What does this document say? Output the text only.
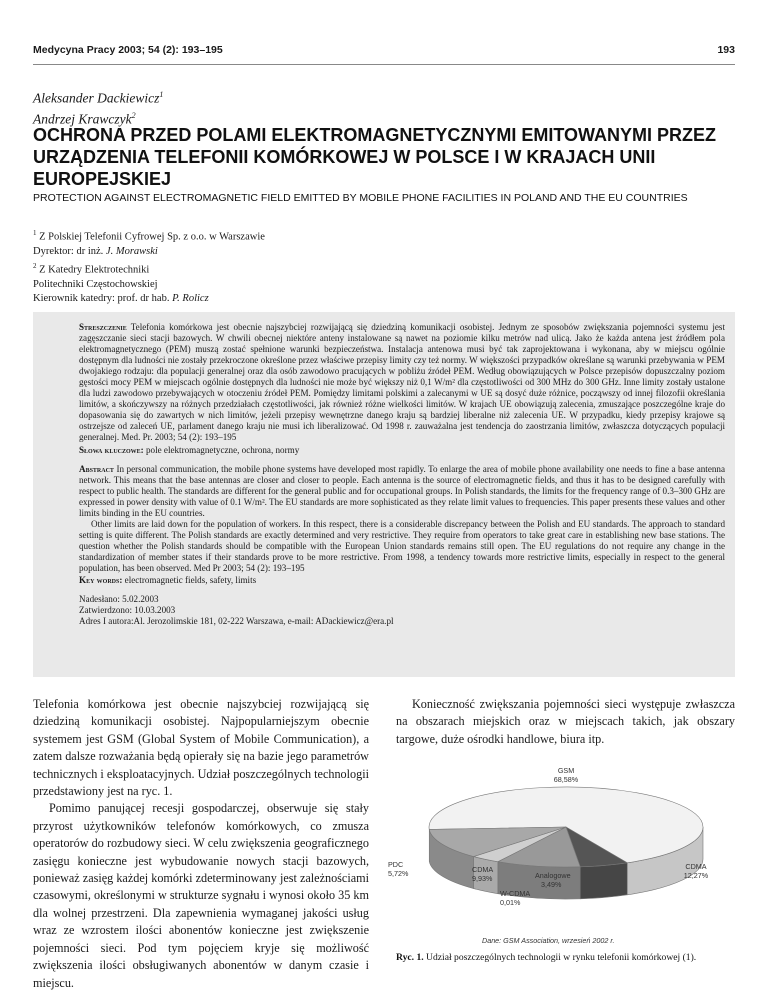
Medycyna Pracy 2003; 54 (2): 193–195	193
Aleksander Dackiewicz$^1$
Andrzej Krawczyk$^2$
OCHRONA PRZED POLAMI ELEKTROMAGNETYCZNYMI EMITOWANYMI PRZEZ URZĄDZENIA TELEFONII KOMÓRKOWEJ W POLSCE I W KRAJACH UNII EUROPEJSKIEJ
PROTECTION AGAINST ELECTROMAGNETIC FIELD EMITTED BY MOBILE PHONE FACILITIES IN POLAND AND THE EU COUNTRIES
$^1$ Z Polskiej Telefonii Cyfrowej Sp. z o.o. w Warszawie
Dyrektor: dr inż. J. Morawski
$^2$ Z Katedry Elektrotechniki
Politechniki Częstochowskiej
Kierownik katedry: prof. dr hab. P. Rolicz
Streszczenie Telefonia komórkowa jest obecnie najszybciej rozwijającą się dziedziną komunikacji osobistej. Jednym ze sposobów zwiększania pojemności systemu jest zagęszczanie sieci stacji bazowych. W chwili obecnej niektóre anteny instalowane są nawet na poziomie kilku metrów nad ulicą. Jako że każda antena jest źródłem pola elektromagnetycznego (PEM) muszą zostać spełnione warunki bezpieczeństwa. Instalacja antenowa musi być tak zaprojektowana i wykonana, aby w miejscu ogólnie dostępnym dla ludności nie zostały przekroczone określone przez właściwe przepisy limity czy też normy. W większości przypadków określane są warunki przebywania w PEM dwojakiego rodzaju: dla populacji generalnej oraz dla osób zawodowo pracujących w pobliżu źródeł PEM. Według obowiązujących w Polsce przepisów dopuszczalny poziom gęstości mocy PEM w miejscach ogólnie dostępnych dla ludności nie może być większy niż 0,1 W/m² dla częstotliwości od 300 MHz do 300 GHz. Inne limity zostały ustalone dla ludzi zawodowo przebywających w otoczeniu źródeł PEM. Pomiędzy limitami polskimi a zalecanymi w UE są dosyć duże różnice, począwszy od innej filozofii określania limitów, a skończywszy na różnych przedziałach częstotliwości, jak również różne wielkości limitów. W krajach UE obowiązują zalecenia, zmuszające poszczególne kraje do dopasowania się do zawartych w nich limitów, jeżeli przepisy wewnętrzne danego kraju są bardziej liberalne niż zalecenia UE. W przypadku, kiedy przepisy krajowe są ostrzejsze od zaleceń UE, parlament danego kraju nie musi ich liberalizować. Od 1998 r. zauważalna jest tendencja do zaostrzania limitów, zwłaszcza dotyczących populacji generalnej. Med. Pr. 2003; 54 (2): 193–195
Słowa kluczowe: pole elektromagnetyczne, ochrona, normy
Abstract In personal communication, the mobile phone systems have developed most rapidly. To enlarge the area of mobile phone availability one needs to fine a base antenna network. This means that the base antennas are closer and closer to people. Each antenna is the source of electromagnetic fields, and thus it has to be designed carefully with respect to public health. The standards are different for the general public and for occupational groups. In Polish standards, the limits for the frequency range of 0.3–300 GHz are expressed in power density with value of 0.1 W/m². The EU standards are more sophisticated as they relate limit values to frequencies. This paper presents these values and other limits binding in the EU countries.
Other limits are laid down for the population of workers. In this respect, there is a considerable discrepancy between the Polish and EU standards. The approach to standard setting is quite different. The Polish standards are exactly determined and very restrictive. They require from operators to take great care in establishing new base stations. The question whether the Polish standards should be compatible with the European Union standards remains still open. The EU regulations do not require any change in the standardization of member states if their standards prove to be more restrictive. From 1998, a tendency towards more restrictive limits, especially in respect to the general population, has been observed. Med Pr 2003; 54 (2): 193–195
Key words: electromagnetic fields, safety, limits
Nadesłano: 5.02.2003
Zatwierdzono: 10.03.2003
Adres I autora:Al. Jerozolimskie 181, 02-222 Warszawa, e-mail: ADackiewicz@era.pl

Telefonia komórkowa jest obecnie najszybciej rozwijającą się dziedziną komunikacji osobistej. Najpopularniejszym obecnie systemem jest GSM (Global System of Mobile Communication), a zatem dalsze rozważania będą opierały się na bazie jego parametrów technicznych i eksploatacyjnych. Udział poszczególnych technologii przedstawiony jest na ryc. 1.

Pomimo panującej recesji gospodarczej, obserwuje się stały przyrost użytkowników telefonów komórkowych, co zmusza operatorów do rozbudowy sieci. W celu zwiększenia geograficznego zasięgu konieczne jest wybudowanie nowych stacji bazowych, ponieważ zasięg każdej komórki zdeterminowany jest zależnościami czasowymi, określonymi w strukturze sygnału i wynosi około 35 km dla wolnej przestrzeni. Dla zapewnienia wymaganej jakości usług wraz ze wzrostem ilości abonentów konieczne jest zwiększenie pojemności sieci. Pod tym pojęciem kryje się możliwość zwiększenia ilości obsługiwanych abonentów w danym czasie i miejscu.

Konieczność zwiększania pojemności sieci występuje zwłaszcza na obszarach miejskich oraz w miejscach takich, jak obszary targowe, duże ośrodki handlowe, biura itp.

GSM
68,58%
PDC
5,72%	CDMA
9,93%
W-CDMA
0,01%
Analogowe
3,49%
CDMA
12,27%
Dane: GSM Association, wrzesień 2002 r.
Ryc. 1. Udział poszczególnych technologii w rynku telefonii komórkowej (1).
